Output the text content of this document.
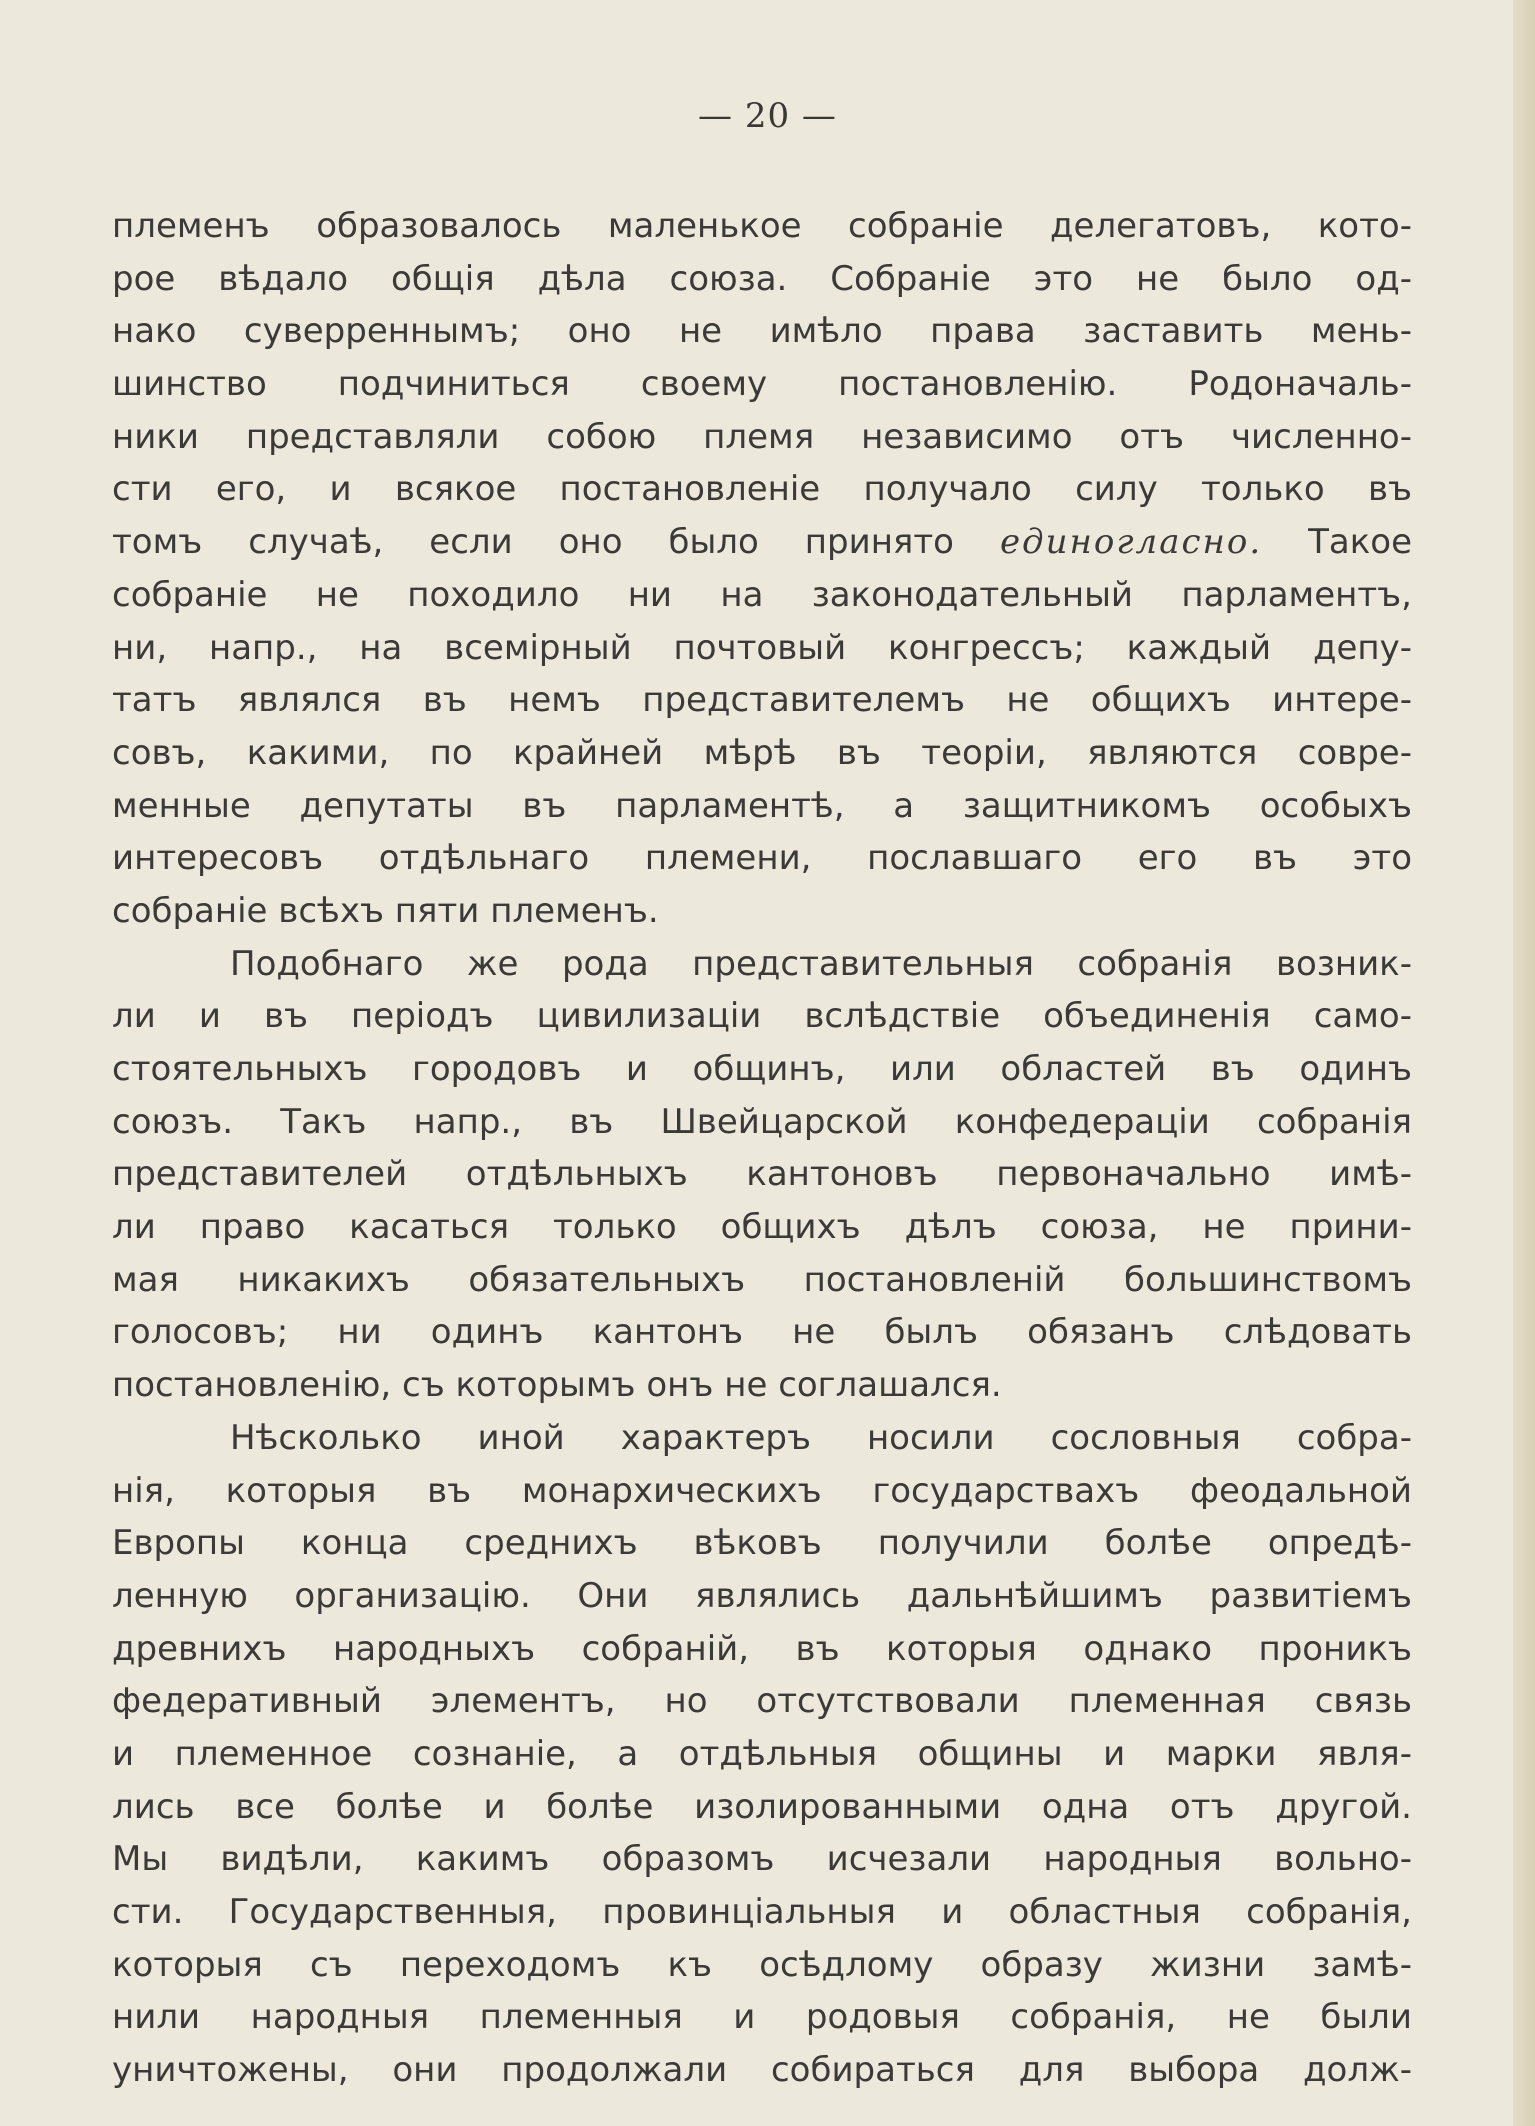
— 20 —
племенъ образовалось маленькое собраніе делегатовъ, кото-
рое вѣдало общія дѣла союза. Собраніе это не было од-
нако суверреннымъ; оно не имѣло права заставить мень-
шинство подчиниться своему постановленію. Родоначаль-
ники представляли собою племя независимо отъ численно-
сти его, и всякое постановленіе получало силу только въ
томъ случаѣ, если оно было принято единогласно. Такое
собраніе не походило ни на законодательный парламентъ,
ни, напр., на всемірный почтовый конгрессъ; каждый депу-
татъ являлся въ немъ представителемъ не общихъ интере-
совъ, какими, по крайней мѣрѣ въ теоріи, являются совре-
менные депутаты въ парламентѣ, а защитникомъ особыхъ
интересовъ отдѣльнаго племени, пославшаго его въ это
собраніе всѣхъ пяти племенъ.
Подобнаго же рода представительныя собранія возник-
ли и въ періодъ цивилизаціи вслѣдствіе объединенія само-
стоятельныхъ городовъ и общинъ, или областей въ одинъ
союзъ. Такъ напр., въ Швейцарской конфедераціи собранія
представителей отдѣльныхъ кантоновъ первоначально имѣ-
ли право касаться только общихъ дѣлъ союза, не прини-
мая никакихъ обязательныхъ постановленій большинствомъ
голосовъ; ни одинъ кантонъ не былъ обязанъ слѣдовать
постановленію, съ которымъ онъ не соглашался.
Нѣсколько иной характеръ носили сословныя собра-
нія, которыя въ монархическихъ государствахъ феодальной
Европы конца среднихъ вѣковъ получили болѣе опредѣ-
ленную организацію. Они являлись дальнѣйшимъ развитіемъ
древнихъ народныхъ собраній, въ которыя однако проникъ
федеративный элементъ, но отсутствовали племенная связь
и племенное сознаніе, а отдѣльныя общины и марки явля-
лись все болѣе и болѣе изолированными одна отъ другой.
Мы видѣли, какимъ образомъ исчезали народныя вольно-
сти. Государственныя, провинціальныя и областныя собранія,
которыя съ переходомъ къ осѣдлому образу жизни замѣ-
нили народныя племенныя и родовыя собранія, не были
уничтожены, они продолжали собираться для выбора долж-
